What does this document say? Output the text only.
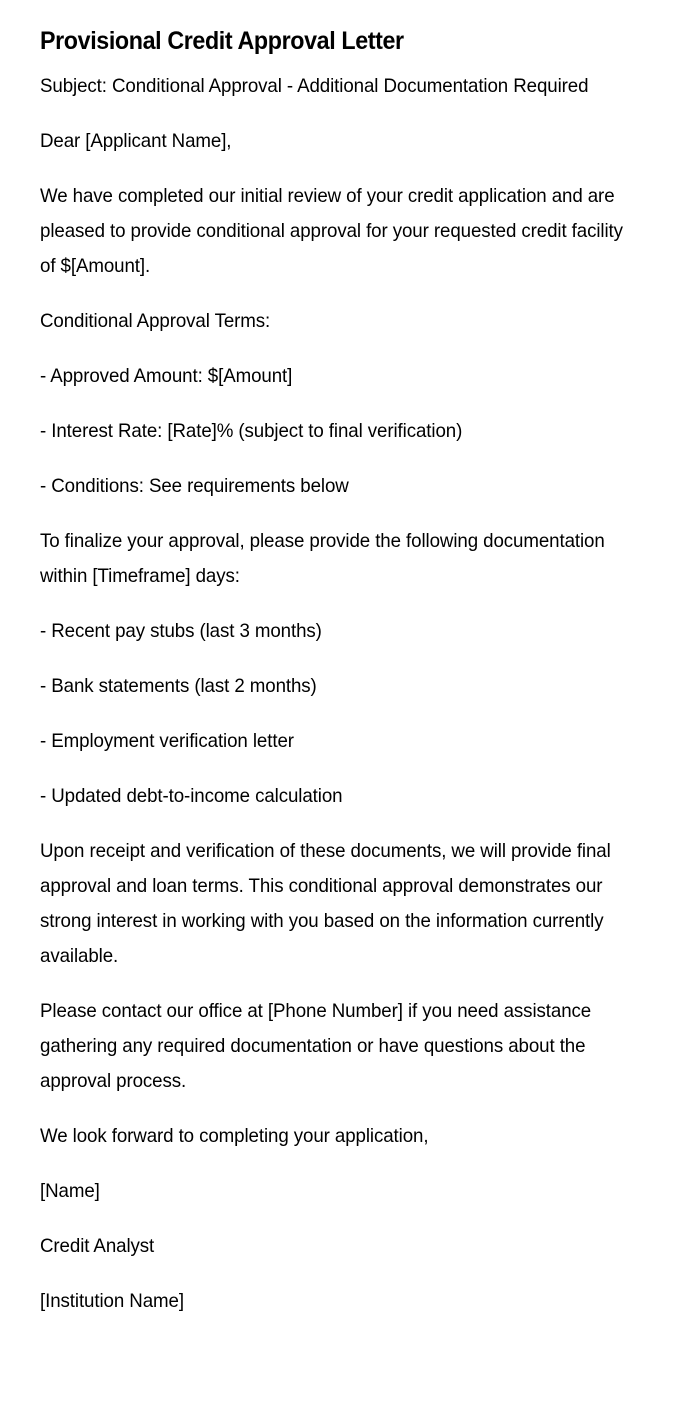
Provisional Credit Approval Letter

Subject: Conditional Approval - Additional Documentation Required

Dear [Applicant Name],

We have completed our initial review of your credit application and are pleased to provide conditional approval for your requested credit facility of $[Amount].

Conditional Approval Terms:

- Approved Amount: $[Amount]

- Interest Rate: [Rate]% (subject to final verification)

- Conditions: See requirements below

To finalize your approval, please provide the following documentation within [Timeframe] days:

- Recent pay stubs (last 3 months)

- Bank statements (last 2 months)

- Employment verification letter

- Updated debt-to-income calculation

Upon receipt and verification of these documents, we will provide final approval and loan terms. This conditional approval demonstrates our strong interest in working with you based on the information currently available.

Please contact our office at [Phone Number] if you need assistance gathering any required documentation or have questions about the approval process.

We look forward to completing your application,

[Name]

Credit Analyst

[Institution Name]
